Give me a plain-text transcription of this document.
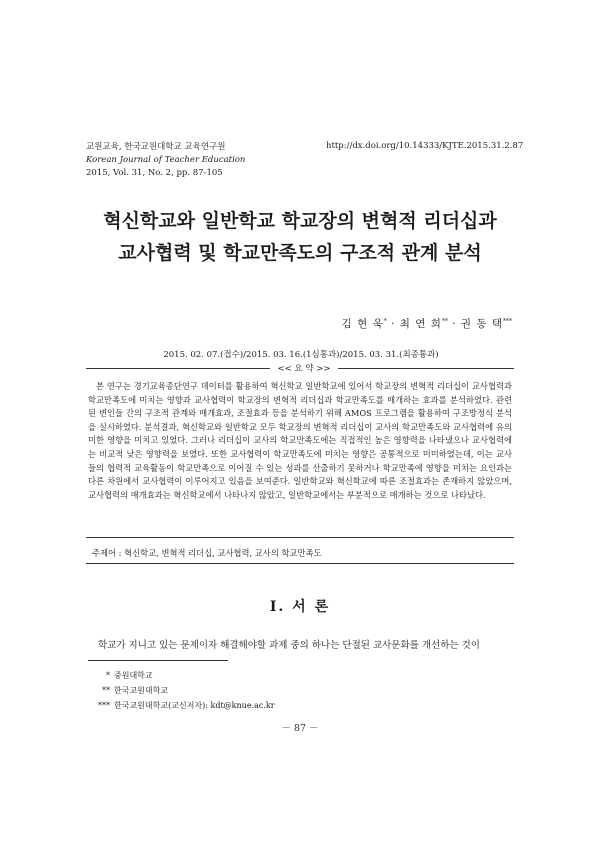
교원교육, 한국교원대학교 교육연구원
Korean Journal of Teacher Education
2015, Vol. 31, No. 2, pp. 87-105
http://dx.doi.org/10.14333/KJTE.2015.31.2.87
혁신학교와 일반학교 학교장의 변혁적 리더십과
교사협력 및 학교만족도의 구조적 관계 분석
김 현 욱* · 최 연 희** · 권 동 택***
2015. 02. 07.(접수)/2015. 03. 16.(1심통과)/2015. 03. 31.(최종통과)
<< 요 약 >>
본 연구는 경기교육종단연구 데이터를 활용하여 혁신학교 일반학교에 있어서 학교장의 변혁적 리더십이 교사협력과 학교만족도에 미치는 영향과 교사협력이 학교장의 변혁적 리더십과 학교만족도를 매개하는 효과를 분석하였다. 관련된 변인들 간의 구조적 관계와 매개효과, 조절효과 등을 분석하기 위해 AMOS 프로그램을 활용하여 구조방정식 분석을 실시하였다. 분석결과, 혁신학교와 일반학교 모두 학교장의 변혁적 리더십이 교사의 학교만족도와 교사협력에 유의미한 영향을 미치고 있었다. 그러나 리더십이 교사의 학교만족도에는 직접적인 높은 영향력을 나타냈으나 교사협력에는 비교적 낮은 영향력을 보였다. 또한 교사협력이 학교만족도에 미치는 영향은 공통적으로 미미하였는데, 이는 교사들의 협력적 교육활동이 학교만족으로 이어질 수 있는 성과를 산출하기 못하거나 학교만족에 영향을 미치는 요인과는 다른 차원에서 교사협력이 이루어지고 있음을 보여준다. 일반학교와 혁신학교에 따른 조절효과는 존재하지 않았으며, 교사협력의 매개효과는 혁신학교에서 나타나지 않았고, 일반학교에서는 부분적으로 매개하는 것으로 나타났다.
주제어 : 혁신학교, 변혁적 리더십, 교사협력, 교사의 학교만족도
Ⅰ. 서 론
학교가 지니고 있는 문제이자 해결해야할 과제 중의 하나는 단절된 교사문화를 개선하는 것이
* 중원대학교
** 한국교원대학교
*** 한국교원대학교(교신저자): kdt@knue.ac.kr
－ 87 －
